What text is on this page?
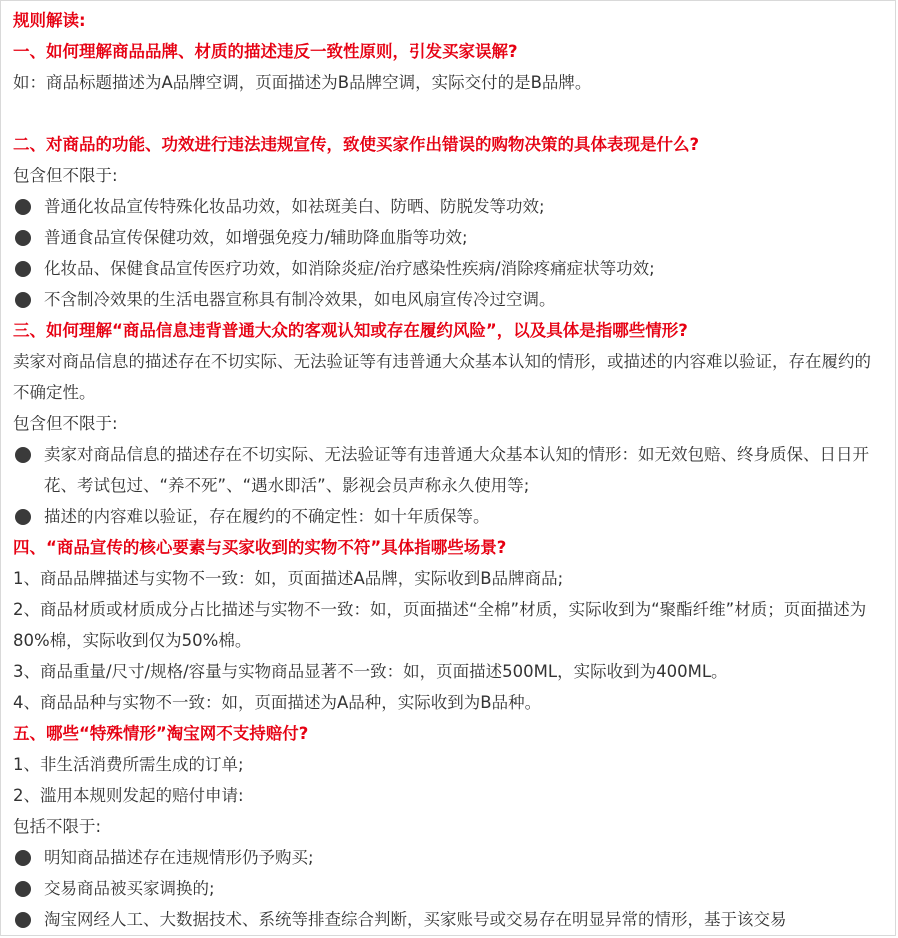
规则解读:

一、如何理解商品品牌、材质的描述违反一致性原则，引发买家误解?

如：商品标题描述为A品牌空调，页面描述为B品牌空调，实际交付的是B品牌。

二、对商品的功能、功效进行违法违规宣传，致使买家作出错误的购物决策的具体表现是什么?

包含但不限于:

普通化妆品宣传特殊化妆品功效，如祛斑美白、防晒、防脱发等功效;
普通食品宣传保健功效，如增强免疫力/辅助降血脂等功效;
化妆品、保健食品宣传医疗功效，如消除炎症/治疗感染性疾病/消除疼痛症状等功效;
不含制冷效果的生活电器宣称具有制冷效果，如电风扇宣传冷过空调。

三、如何理解“商品信息违背普通大众的客观认知或存在履约风险”，以及具体是指哪些情形?

卖家对商品信息的描述存在不切实际、无法验证等有违普通大众基本认知的情形，或描述的内容难以验证，存在履约的不确定性。

包含但不限于:

卖家对商品信息的描述存在不切实际、无法验证等有违普通大众基本认知的情形：如无效包赔、终身质保、日日开花、考试包过、“养不死”、“遇水即活”、影视会员声称永久使用等;
描述的内容难以验证，存在履约的不确定性：如十年质保等。

四、“商品宣传的核心要素与买家收到的实物不符”具体指哪些场景?

1、商品品牌描述与实物不一致：如，页面描述A品牌，实际收到B品牌商品;

2、商品材质或材质成分占比描述与实物不一致：如，页面描述“全棉”材质，实际收到为“聚酯纤维”材质；页面描述为80%棉，实际收到仅为50%棉。

3、商品重量/尺寸/规格/容量与实物商品显著不一致：如，页面描述500ML，实际收到为400ML。

4、商品品种与实物不一致：如，页面描述为A品种，实际收到为B品种。

五、哪些“特殊情形”淘宝网不支持赔付?

1、非生活消费所需生成的订单;

2、滥用本规则发起的赔付申请:

包括不限于:

明知商品描述存在违规情形仍予购买;
交易商品被买家调换的;
淘宝网经人工、大数据技术、系统等排查综合判断，买家账号或交易存在明显异常的情形，基于该交易
